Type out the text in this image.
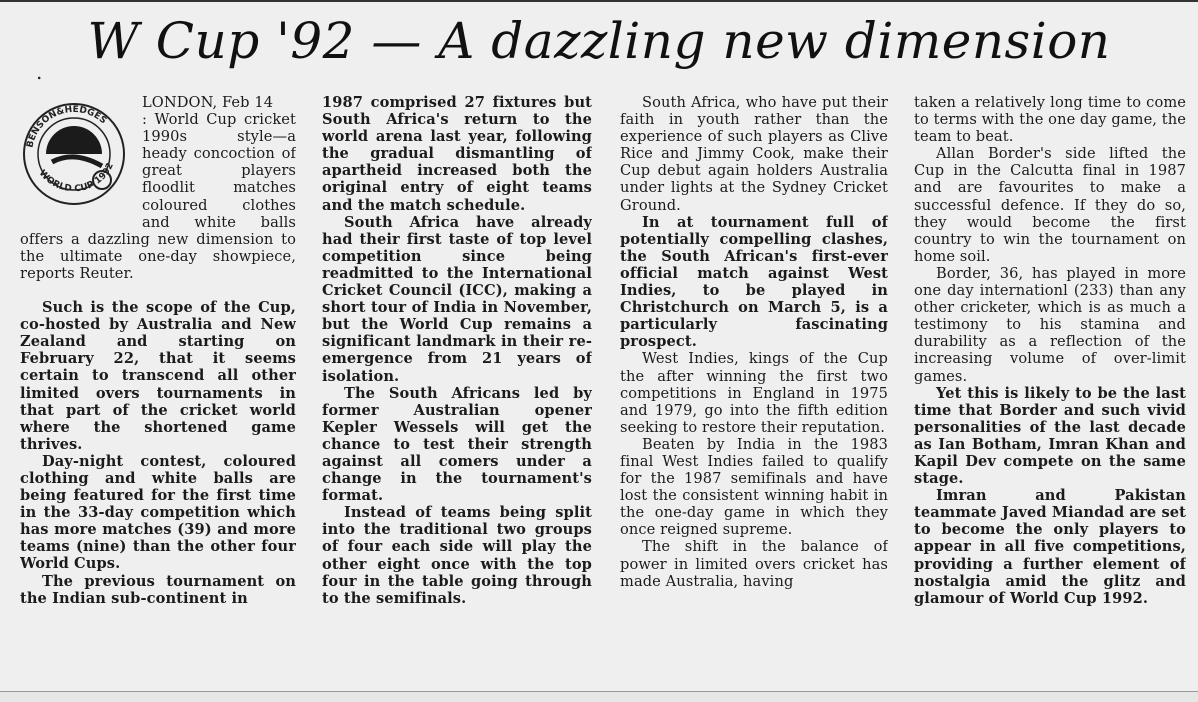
W Cup '92 — A dazzling new dimension
.
BENSON&HEDGES
WORLD CUP 1992

LONDON, Feb 14

: World Cup cricket 1990s style—a heady concoction of great players floodlit matches coloured clothes and white balls offers a dazzling new dimension to the ultimate one-day showpiece, reports Reuter.

Such is the scope of the Cup, co-hosted by Australia and New Zealand and starting on February 22, that it seems certain to transcend all other limited overs tournaments in that part of the cricket world where the shortened game thrives.

Day-night contest, coloured clothing and white balls are being featured for the first time in the 33-day competition which has more matches (39) and more teams (nine) than the other four World Cups.

The previous tournament on the Indian sub-continent in

1987 comprised 27 fixtures but South Africa's return to the world arena last year, following the gradual dismantling of apartheid increased both the original entry of eight teams and the match schedule.

South Africa have already had their first taste of top level competition since being readmitted to the International Cricket Council (ICC), making a short tour of India in November, but the World Cup remains a significant landmark in their re-emergence from 21 years of isolation.

The South Africans led by former Australian opener Kepler Wessels will get the chance to test their strength against all comers under a change in the tournament's format.

Instead of teams being split into the traditional two groups of four each side will play the other eight once with the top four in the table going through to the semifinals.

South Africa, who have put their faith in youth rather than the experience of such players as Clive Rice and Jimmy Cook, make their Cup debut again holders Australia under lights at the Sydney Cricket Ground.

In at tournament full of potentially compelling clashes, the South African's first-ever official match against West Indies, to be played in Christchurch on March 5, is a particularly fascinating prospect.

West Indies, kings of the Cup the after winning the first two competitions in England in 1975 and 1979, go into the fifth edition seeking to restore their reputation.

Beaten by India in the 1983 final West Indies failed to qualify for the 1987 semifinals and have lost the consistent winning habit in the one-day game in which they once reigned supreme.

The shift in the balance of power in limited overs cricket has made Australia, having

taken a relatively long time to come to terms with the one day game, the team to beat.

Allan Border's side lifted the Cup in the Calcutta final in 1987 and are favourites to make a successful defence. If they do so, they would become the first country to win the tournament on home soil.

Border, 36, has played in more one day internationl (233) than any other cricketer, which is as much a testimony to his stamina and durability as a reflection of the increasing volume of over-limit games.

Yet this is likely to be the last time that Border and such vivid personalities of the last decade as Ian Botham, Imran Khan and Kapil Dev compete on the same stage.

Imran and Pakistan teammate Javed Miandad are set to become the only players to appear in all five competitions, providing a further element of nostalgia amid the glitz and glamour of World Cup 1992.
